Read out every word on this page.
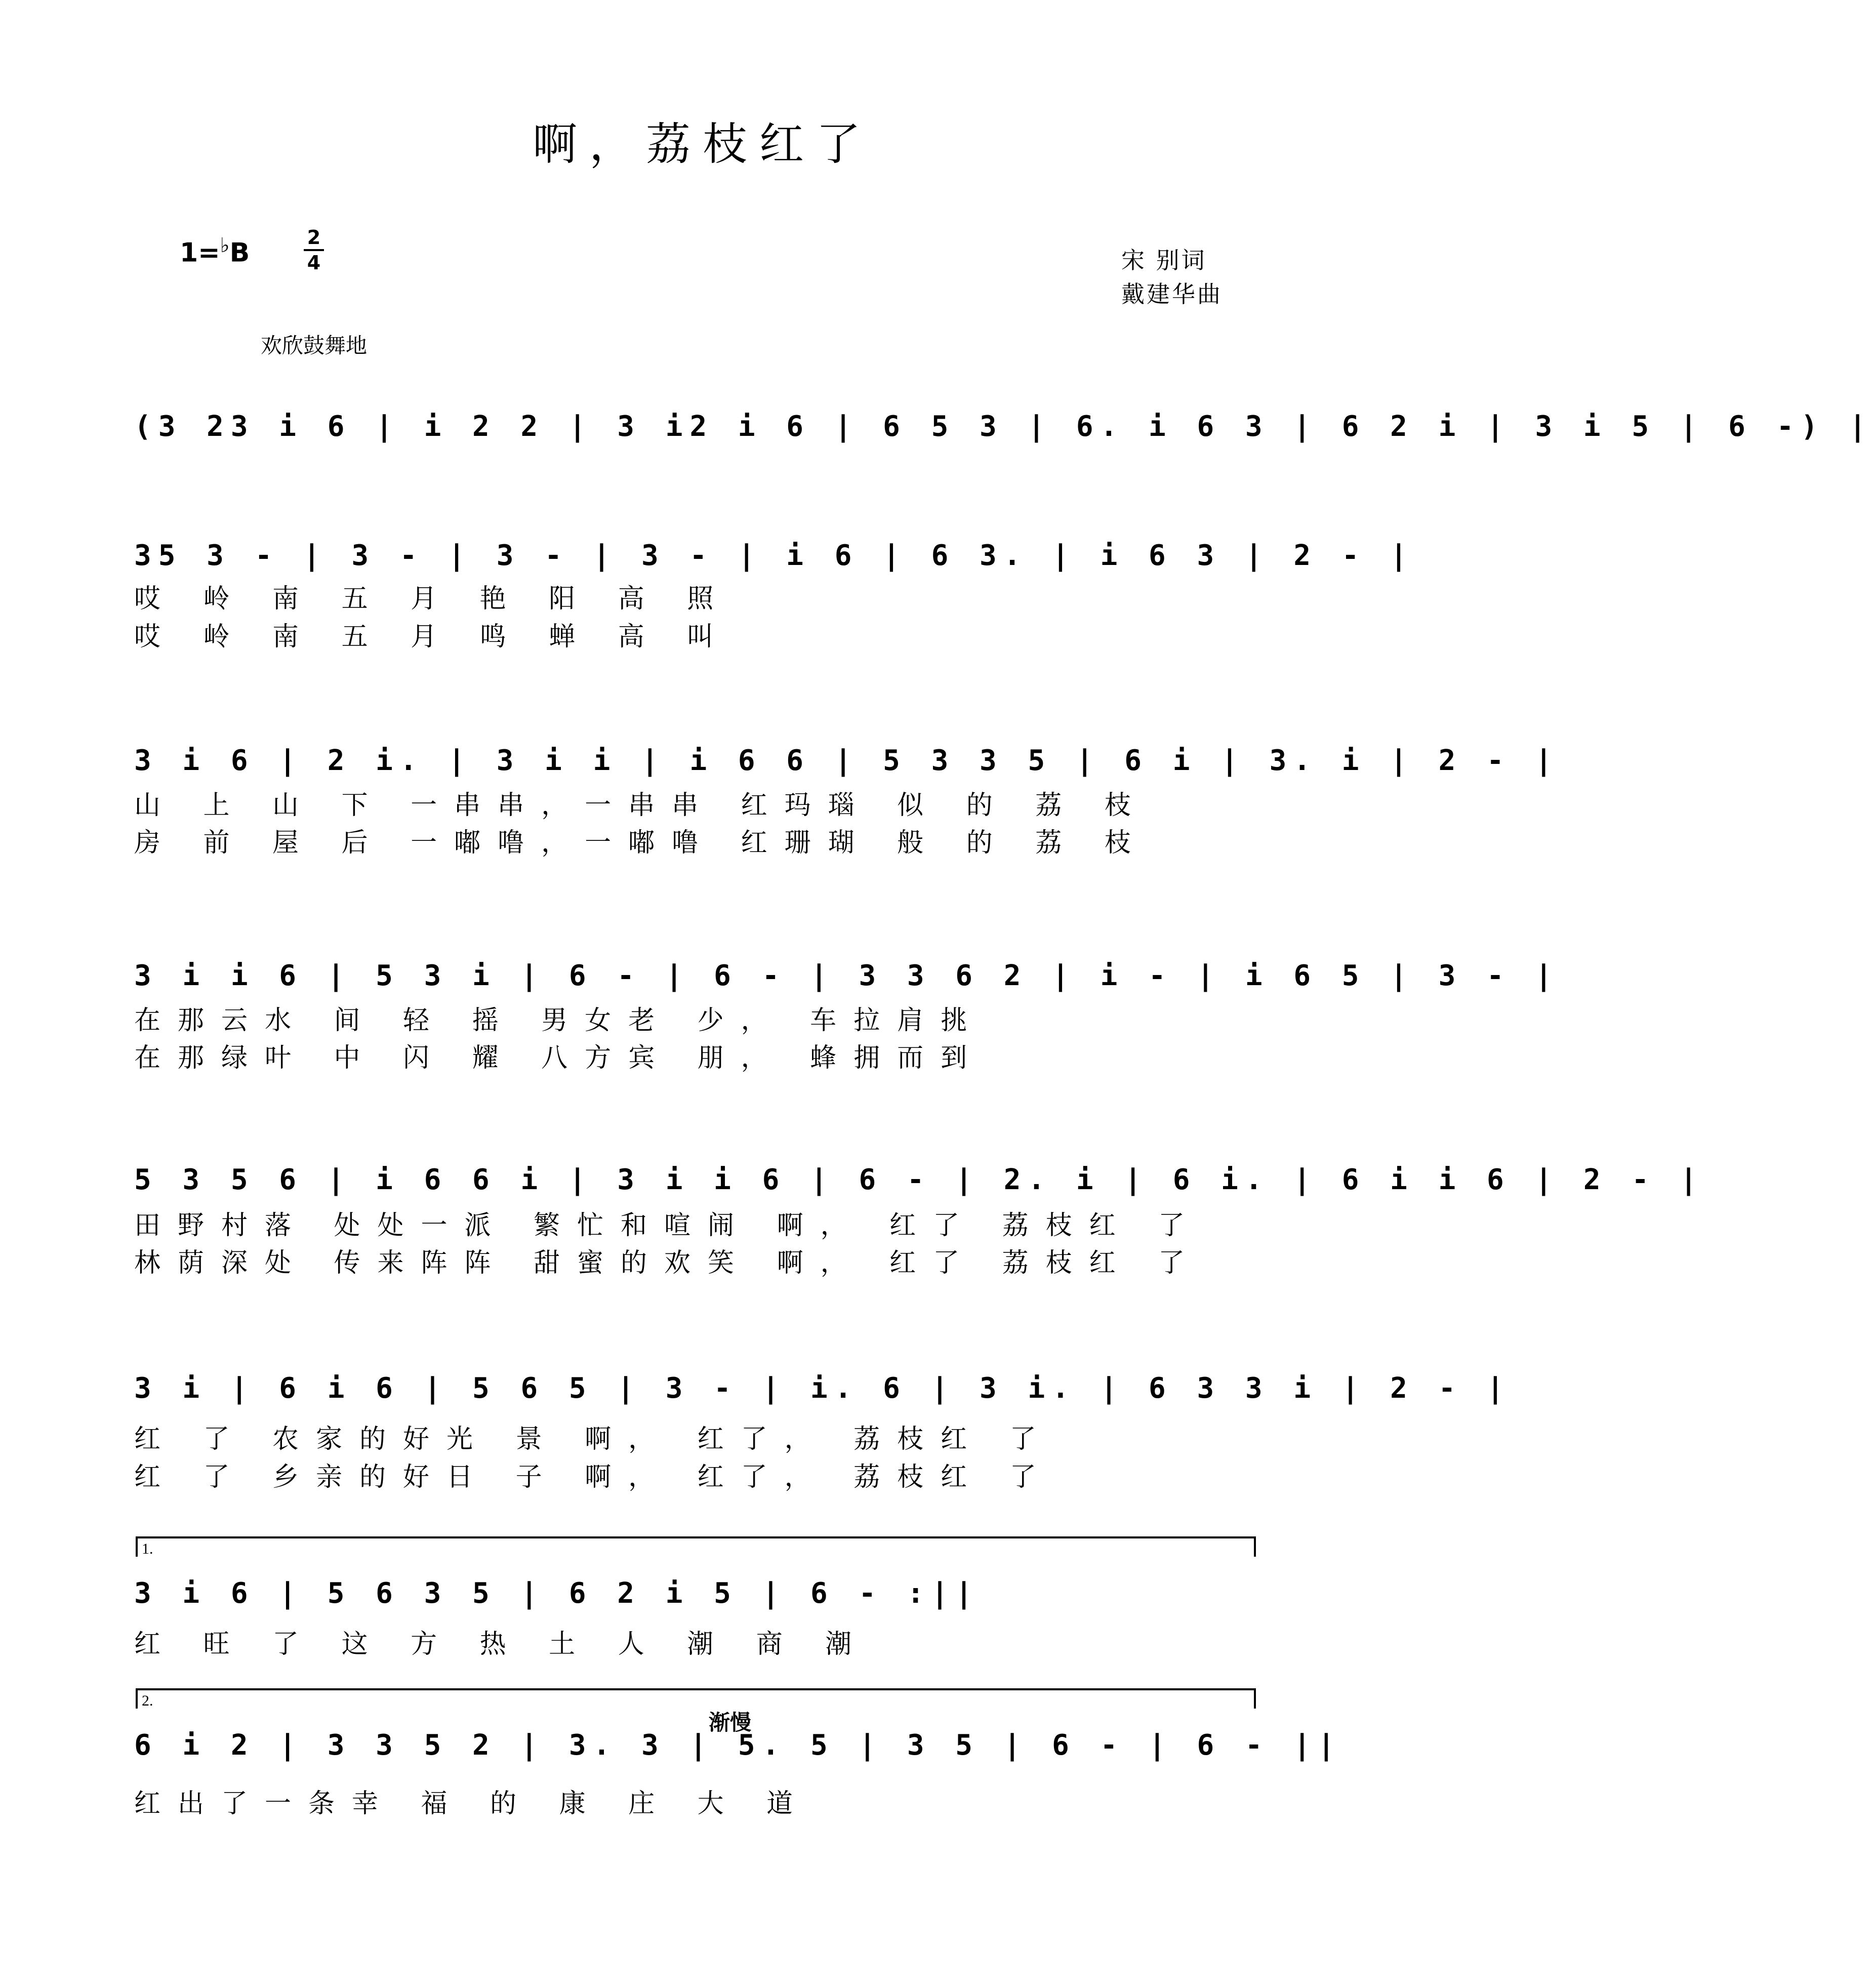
啊，荔枝红了
1=♭B
2
4	宋 别词
戴建华曲
欢欣鼓舞地
(3 23 i 6 | i 2 2 | 3 i2 i 6 | 6 5 3 | 6. i 6 3 | 6 2 i | 3 i 5 | 6 -) |
35 3 - | 3 - | 3 - | 3 - | i 6 | 6 3. | i 6 3 | 2 - |
哎 岭 南 五 月 艳 阳 高 照
哎 岭 南 五 月 鸣 蝉 高 叫
3 i 6 | 2 i. | 3 i i | i 6 6 | 5 3 3 5 | 6 i | 3. i | 2 - |
山 上 山 下 一串串，一串串 红玛瑙 似 的 荔 枝
房 前 屋 后 一嘟噜，一嘟噜 红珊瑚 般 的 荔 枝
3 i i 6 | 5 3 i | 6 - | 6 - | 3 3 6 2 | i - | i 6 5 | 3 - |
在那云水 间 轻 摇 男女老 少， 车拉肩挑
在那绿叶 中 闪 耀 八方宾 朋， 蜂拥而到
5 3 5 6 | i 6 6 i | 3 i i 6 | 6 - | 2. i | 6 i. | 6 i i 6 | 2 - |
田野村落 处处一派 繁忙和喧闹 啊， 红了 荔枝红 了
林荫深处 传来阵阵 甜蜜的欢笑 啊， 红了 荔枝红 了
3 i | 6 i 6 | 5 6 5 | 3 - | i. 6 | 3 i. | 6 3 3 i | 2 - |
红 了 农家的好光 景 啊， 红了， 荔枝红 了
红 了 乡亲的好日 子 啊， 红了， 荔枝红 了
1.
3 i 6 | 5 6 3 5 | 6 2 i 5 | 6 - :||
红 旺 了 这 方 热 土 人 潮 商 潮
2.
渐慢
6 i 2 | 3 3 5 2 | 3. 3 | 5. 5 | 3 5 | 6 - | 6 - ||
红出了一条幸 福 的 康 庄 大 道
